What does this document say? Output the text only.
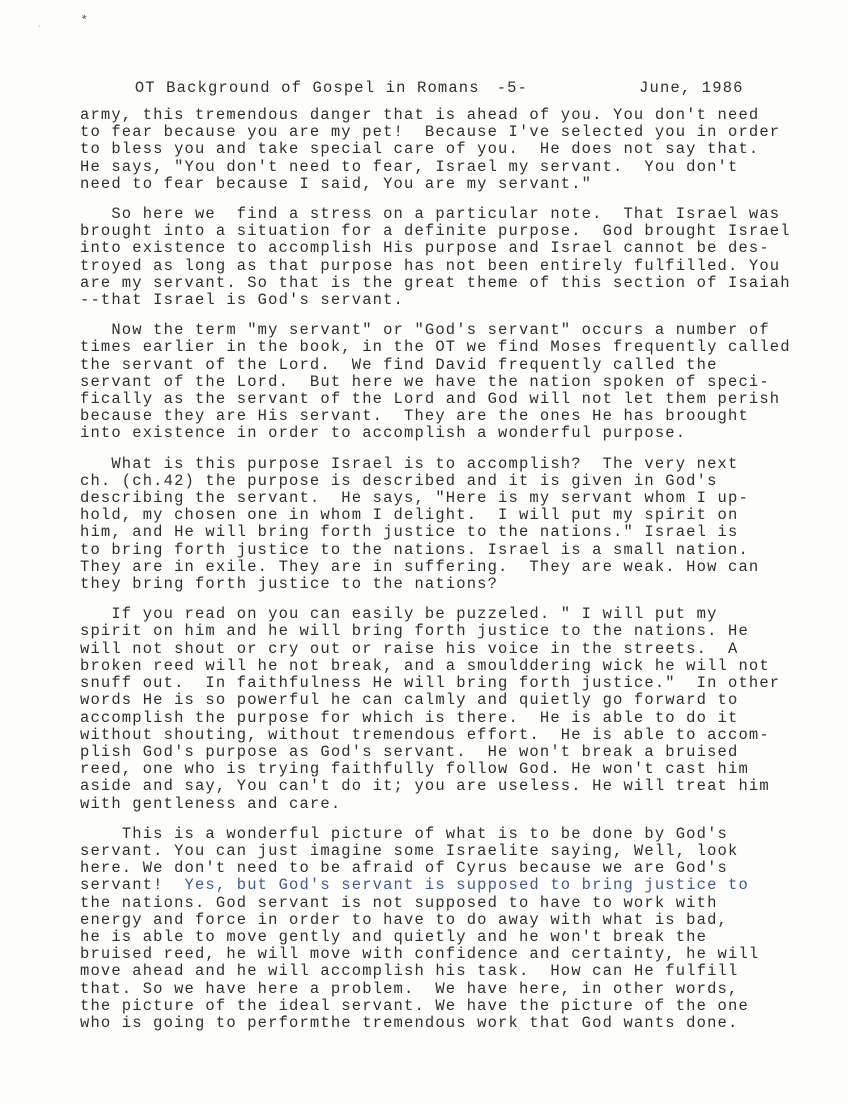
∗
·

OT Background of Gospel in Romans -5-	June, 1986

army, this tremendous danger that is ahead of you. You don't need
to fear because you are my pet!  Because I've selected you in order
to bless you and take special care of you.  He does not say that.
He says, "You don't need to fear, Israel my servant.  You don't
need to fear because I said, You are my servant."
So here we  find a stress on a particular note.  That Israel was
brought into a situation for a definite purpose.  God brought Israel
into existence to accomplish His purpose and Israel cannot be des-
troyed as long as that purpose has not been entirely fulfilled. You
are my servant. So that is the great theme of this section of Isaiah
--that Israel is God's servant.
Now the term "my servant" or "God's servant" occurs a number of
times earlier in the book, in the OT we find Moses frequently called
the servant of the Lord.  We find David frequently called the
servant of the Lord.  But here we have the nation spoken of speci-
fically as the servant of the Lord and God will not let them perish
because they are His servant.  They are the ones He has broought
into existence in order to accomplish a wonderful purpose.
What is this purpose Israel is to accomplish?  The very next
ch. (ch.42) the purpose is described and it is given in God's
describing the servant.  He says, "Here is my servant whom I up-
hold, my chosen one in whom I delight.  I will put my spirit on
him, and He will bring forth justice to the nations." Israel is
to bring forth justice to the nations. Israel is a small nation.
They are in exile. They are in suffering.  They are weak. How can
they bring forth justice to the nations?
If you read on you can easily be puzzeled. " I will put my
spirit on him and he will bring forth justice to the nations. He
will not shout or cry out or raise his voice in the streets.  A
broken reed will he not break, and a smoulddering wick he will not
snuff out.  In faithfulness He will bring forth justice."  In other
words He is so powerful he can calmly and quietly go forward to
accomplish the purpose for which is there.  He is able to do it
without shouting, without tremendous effort.  He is able to accom-
plish God's purpose as God's servant.  He won't break a bruised
reed, one who is trying faithfully follow God. He won't cast him
aside and say, You can't do it; you are useless. He will treat him
with gentleness and care.
This is a wonderful picture of what is to be done by God's
servant. You can just imagine some Israelite saying, Well, look
here. We don't need to be afraid of Cyrus because we are God's
servant!  Yes, but God's servant is supposed to bring justice to
the nations. God servant is not supposed to have to work with
energy and force in order to have to do away with what is bad,
he is able to move gently and quietly and he won't break the
bruised reed, he will move with confidence and certainty, he will
move ahead and he will accomplish his task.  How can He fulfill
that. So we have here a problem.  We have here, in other words,
the picture of the ideal servant. We have the picture of the one
who is going to performthe tremendous work that God wants done.
